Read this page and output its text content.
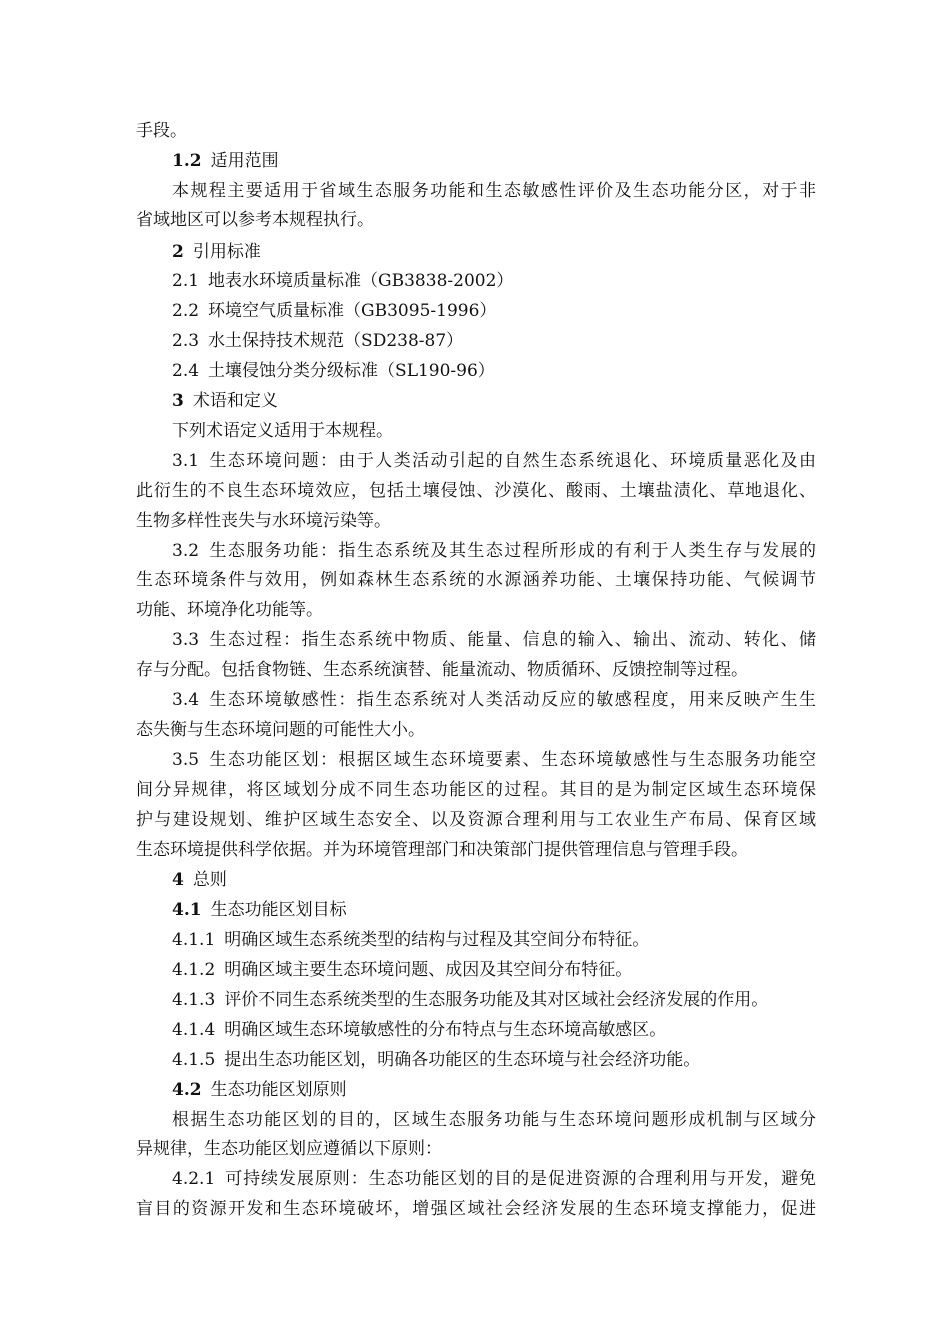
手段。
1.2 适用范围
本规程主要适用于省域生态服务功能和生态敏感性评价及生态功能分区，对于非
省域地区可以参考本规程执行。
2 引用标准
2.1 地表水环境质量标准（GB3838-2002）
2.2 环境空气质量标准（GB3095-1996）
2.3 水土保持技术规范（SD238-87）
2.4 土壤侵蚀分类分级标准（SL190-96）
3 术语和定义
下列术语定义适用于本规程。
3.1 生态环境问题：由于人类活动引起的自然生态系统退化、环境质量恶化及由
此衍生的不良生态环境效应，包括土壤侵蚀、沙漠化、酸雨、土壤盐渍化、草地退化、
生物多样性丧失与水环境污染等。
3.2 生态服务功能：指生态系统及其生态过程所形成的有利于人类生存与发展的
生态环境条件与效用，例如森林生态系统的水源涵养功能、土壤保持功能、气候调节
功能、环境净化功能等。
3.3 生态过程：指生态系统中物质、能量、信息的输入、输出、流动、转化、储
存与分配。包括食物链、生态系统演替、能量流动、物质循环、反馈控制等过程。
3.4 生态环境敏感性：指生态系统对人类活动反应的敏感程度，用来反映产生生
态失衡与生态环境问题的可能性大小。
3.5 生态功能区划：根据区域生态环境要素、生态环境敏感性与生态服务功能空
间分异规律，将区域划分成不同生态功能区的过程。其目的是为制定区域生态环境保
护与建设规划、维护区域生态安全、以及资源合理利用与工农业生产布局、保育区域
生态环境提供科学依据。并为环境管理部门和决策部门提供管理信息与管理手段。
4 总则
4.1 生态功能区划目标
4.1.1 明确区域生态系统类型的结构与过程及其空间分布特征。
4.1.2 明确区域主要生态环境问题、成因及其空间分布特征。
4.1.3 评价不同生态系统类型的生态服务功能及其对区域社会经济发展的作用。
4.1.4 明确区域生态环境敏感性的分布特点与生态环境高敏感区。
4.1.5 提出生态功能区划，明确各功能区的生态环境与社会经济功能。
4.2 生态功能区划原则
根据生态功能区划的目的，区域生态服务功能与生态环境问题形成机制与区域分
异规律，生态功能区划应遵循以下原则：
4.2.1 可持续发展原则：生态功能区划的目的是促进资源的合理利用与开发，避免
盲目的资源开发和生态环境破坏，增强区域社会经济发展的生态环境支撑能力，促进
